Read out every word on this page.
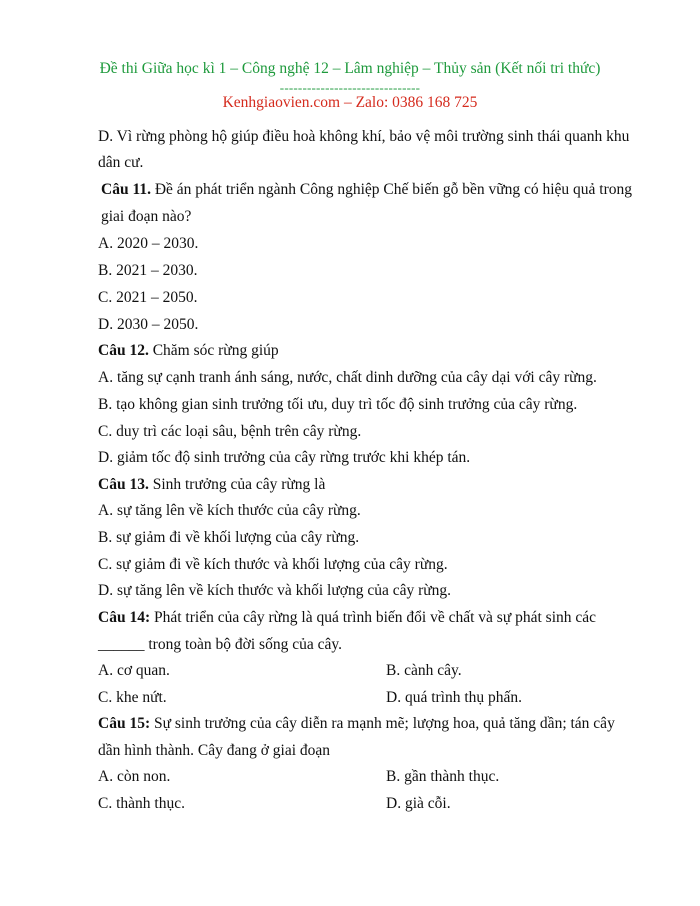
Đề thi Giữa học kì 1 – Công nghệ 12 – Lâm nghiệp – Thủy sản (Kết nối tri thức)
-------------------------------
Kenhgiaovien.com – Zalo: 0386 168 725
D. Vì rừng phòng hộ giúp điều hoà không khí, bảo vệ môi trường sinh thái quanh khu
dân cư.
Câu 11. Đề án phát triển ngành Công nghiệp Chế biến gỗ bền vững có hiệu quả trong
giai đoạn nào?
A. 2020 – 2030.
B. 2021 – 2030.
C. 2021 – 2050.
D. 2030 – 2050.
Câu 12. Chăm sóc rừng giúp
A. tăng sự cạnh tranh ánh sáng, nước, chất dinh dưỡng của cây dại với cây rừng.
B. tạo không gian sinh trưởng tối ưu, duy trì tốc độ sinh trưởng của cây rừng.
C. duy trì các loại sâu, bệnh trên cây rừng.
D. giảm tốc độ sinh trưởng của cây rừng trước khi khép tán.
Câu 13. Sinh trưởng của cây rừng là
A. sự tăng lên về kích thước của cây rừng.
B. sự giảm đi về khối lượng của cây rừng.
C. sự giảm đi về kích thước và khối lượng của cây rừng.
D. sự tăng lên về kích thước và khối lượng của cây rừng.
Câu 14: Phát triển của cây rừng là quá trình biến đổi về chất và sự phát sinh các
______ trong toàn bộ đời sống của cây.
A. cơ quan.	B. cành cây.
C. khe nứt.	D. quá trình thụ phấn.
Câu 15: Sự sinh trưởng của cây diễn ra mạnh mẽ; lượng hoa, quả tăng dần; tán cây
dần hình thành. Cây đang ở giai đoạn
A. còn non.	B. gần thành thục.
C. thành thục.	D. già cỗi.
